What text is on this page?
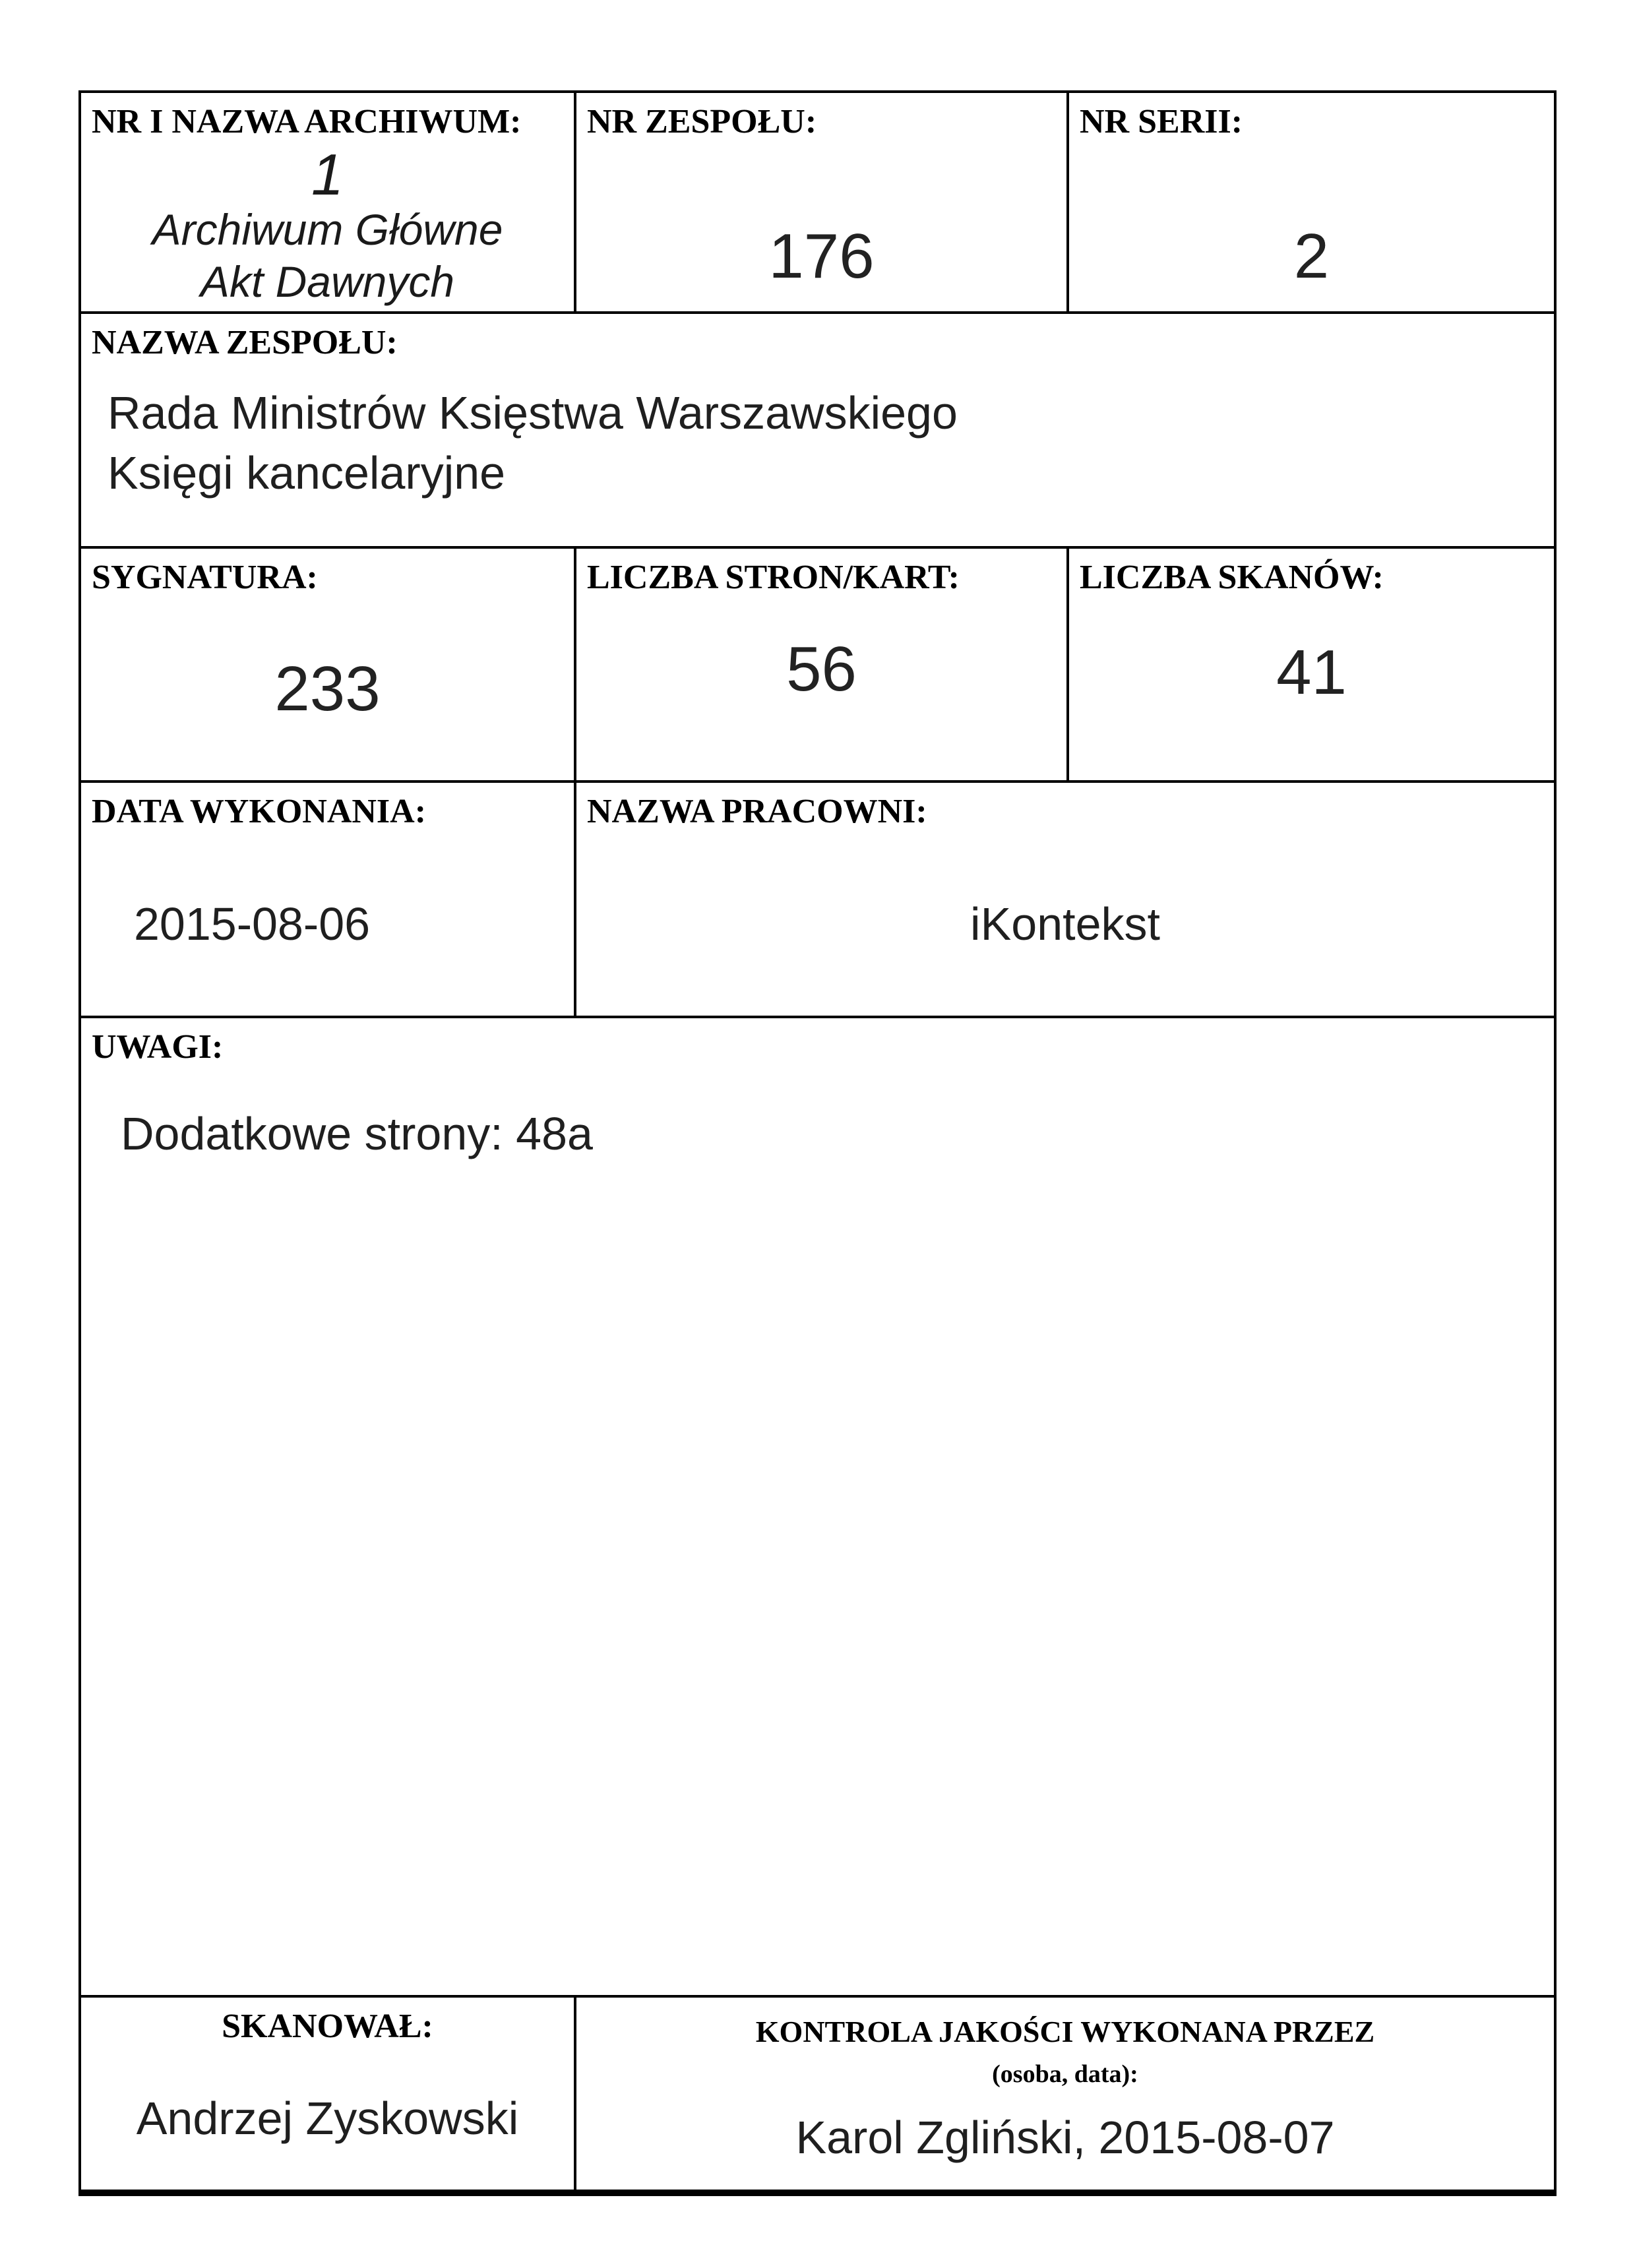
NR I NAZWA ARCHIWUM:
1
Archiwum Główne
Akt Dawnych
NR ZESPOŁU:
176
NR SERII:
2
NAZWA ZESPOŁU:
Rada Ministrów Księstwa Warszawskiego
Księgi kancelaryjne
SYGNATURA:
233
LICZBA STRON/KART:
56
LICZBA SKANÓW:
41
DATA WYKONANIA:
2015-08-06
NAZWA PRACOWNI:
iKontekst
UWAGI:
Dodatkowe strony: 48a
SKANOWAŁ:
Andrzej Zyskowski
KONTROLA JAKOŚCI WYKONANA PRZEZ
(osoba, data):
Karol Zgliński, 2015-08-07
